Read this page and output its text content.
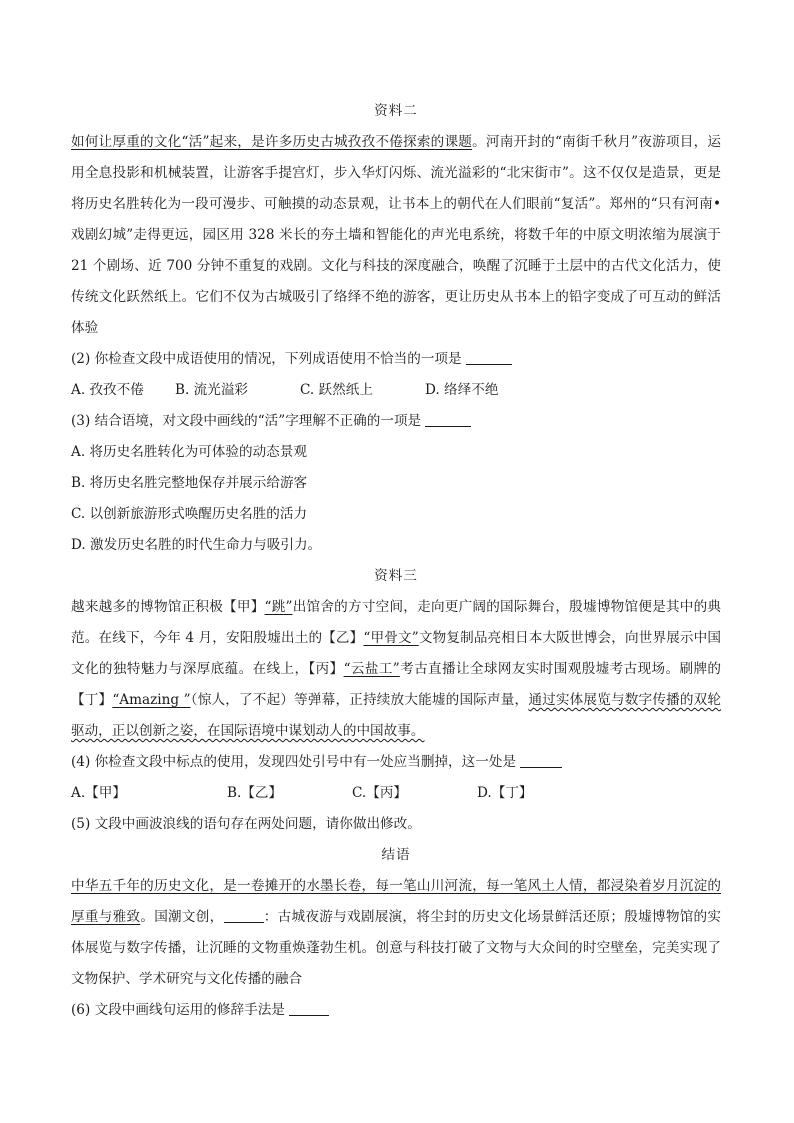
资料二

如何让厚重的文化“活”起来，是许多历史古城孜孜不倦探索的课题。河南开封的“南街千秋月”夜游项目，运用全息投影和机械装置，让游客手提宫灯，步入华灯闪烁、流光溢彩的“北宋街市”。这不仅仅是造景，更是将历史名胜转化为一段可漫步、可触摸的动态景观，让书本上的朝代在人们眼前“复活”。郑州的“只有河南•戏剧幻城”走得更远，园区用 328 米长的夯土墙和智能化的声光电系统，将数千年的中原文明浓缩为展演于 21 个剧场、近 700 分钟不重复的戏剧。文化与科技的深度融合，唤醒了沉睡于土层中的古代文化活力，使传统文化跃然纸上。它们不仅为古城吸引了络绎不绝的游客，更让历史从书本上的铅字变成了可互动的鲜活体验

(2) 你检查文段中成语使用的情况，下列成语使用不恰当的一项是
A. 孜孜不倦	B. 流光溢彩	C. 跃然纸上	D. 络绎不绝
(3) 结合语境，对文段中画线的“活”字理解不正确的一项是
A. 将历史名胜转化为可体验的动态景观
B. 将历史名胜完整地保存并展示给游客
C. 以创新旅游形式唤醒历史名胜的活力
D. 激发历史名胜的时代生命力与吸引力。
资料三

越来越多的博物馆正积极【甲】“跳”出馆舍的方寸空间，走向更广阔的国际舞台，殷墟博物馆便是其中的典范。在线下，今年 4 月，安阳殷墟出土的【乙】“甲骨文”文物复制品亮相日本大阪世博会，向世界展示中国文化的独特魅力与深厚底蕴。在线上，【丙】“云盐工”考古直播让全球网友实时围观殷墟考古现场。刷牌的【丁】“Amazing ”（惊人，了不起）等弹幕，正持续放大能墟的国际声量，通过实体展览与数字传播的双轮驱动，正以创新之姿，在国际语境中谋划动人的中国故事。

(4) 你检查文段中标点的使用，发现四处引号中有一处应当删掉，这一处是
A.【甲】	B.【乙】	C.【丙】	D.【丁】
(5) 文段中画波浪线的语句存在两处问题，请你做出修改。
结语

中华五千年的历史文化，是一卷摊开的水墨长卷，每一笔山川河流，每一笔风土人情，都浸染着岁月沉淀的厚重与雅致。国潮文创，	：古城夜游与戏剧展演，将尘封的历史文化场景鲜活还原；殷墟博物馆的实体展览与数字传播，让沉睡的文物重焕蓬勃生机。创意与科技打破了文物与大众间的时空壁垒，完美实现了文物保护、学术研究与文化传播的融合

(6) 文段中画线句运用的修辞手法是
